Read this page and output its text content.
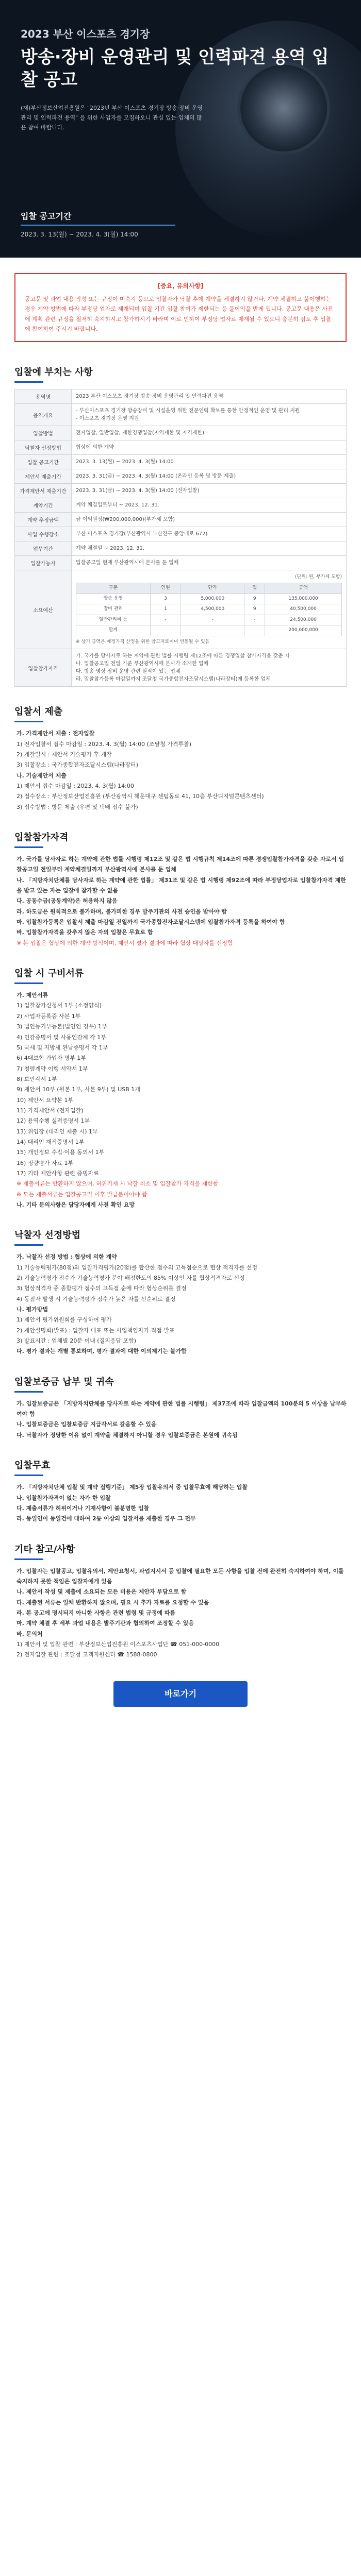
2023 부산 이스포츠 경기장
방송·장비 운영관리 및 인력파견 용역 입찰 공고
(재)부산정보산업진흥원은 "2023년 부산 이스포츠 경기장 방송·장비 운영관리 및 인력파견 용역" 을 위한 사업자를 모집하오니 관심 있는 업체의 많은 참여 바랍니다.
입찰 공고기간
2023. 3. 13(월) ~ 2023. 4. 3(월) 14:00
[중요, 유의사항]
공고문 및 과업 내용 작성 또는 규정이 미숙지 등으로 입찰자가 낙찰 후에 계약을 체결하지 않거나, 계약 체결하고 불이행하는 경우 계약 방법에 따라 부정당 업자로 제재되며 입찰 기간 입찰 참여가 제한되는 등 불이익을 받게 됩니다. 공고문 내용은 사전에 계획 관련 규정을 철저히 숙지하시고 참가하시기 바라며 이로 인하여 부정당 업자로 제재될 수 있으니 충분히 검토 후 입찰에 참여하여 주시기 바랍니다.
입찰에 부치는 사항
용역명	2023 부산 이스포츠 경기장 방송·장비 운영관리 및 인력파견 용역
용역개요	- 부산이스포츠 경기장 방송장비 및 시설운영 위한 전문인력 확보를 통한 안정적인 운영 및 관리 지원
- 이스포츠 경기장 운영 지원
입찰방법	전자입찰, 일반입찰, 제한경쟁입찰(지역제한 및 자격제한)
낙찰자 선정방법	협상에 의한 계약
입찰 공고기간	2023. 3. 13(월) ~ 2023. 4. 3(월) 14:00
제안서 제출기간	2023. 3. 31(금) ~ 2023. 4. 3(월) 14:00 (온라인 등록 및 방문 제출)
가격제안서 제출기간	2023. 3. 31(금) ~ 2023. 4. 3(월) 14:00 (전자입찰)
계약기간	계약 체결일로부터 ~ 2023. 12. 31.
계약 추정금액	금 이억원정(₩200,000,000)(부가세 포함)
사업 수행장소	부산 이스포츠 경기장(부산광역시 부산진구 중앙대로 672)
업무기간	계약 체결일 ~ 2023. 12. 31.
입찰가능자	입찰공고일 현재 부산광역시에 본사를 둔 업체
소요예산	
(단위: 원, 부가세 포함)
구분	인원	단가	월	금액
방송 운영	3	5,000,000	9	135,000,000
장비 관리	1	4,500,000	9	40,500,000
일반관리비 등	-	-	-	24,500,000
합계				200,000,000
※ 상기 금액은 예정가격 산정을 위한 참고자료이며 변동될 수 있음

입찰참가자격	가. 국가를 당사자로 하는 계약에 관한 법률 시행령 제12조에 따른 경쟁입찰 참가자격을 갖춘 자
나. 입찰공고일 전일 기준 부산광역시에 본사가 소재한 업체
다. 방송·영상 장비 운영 관련 실적이 있는 업체
라. 입찰참가등록 마감일까지 조달청 국가종합전자조달시스템(나라장터)에 등록한 업체
입찰서 제출
가. 가격제안서 제출 : 전자입찰
1) 전자입찰서 접수 마감일 : 2023. 4. 3(월) 14:00 (조달청 가격투찰)
2) 개찰일시 : 제안서 기술평가 후 개찰
3) 입찰장소 : 국가종합전자조달시스템(나라장터)
나. 기술제안서 제출
1) 제안서 접수 마감일 : 2023. 4. 3(월) 14:00
2) 접수장소 : 부산정보산업진흥원 (부산광역시 해운대구 센텀동로 41, 10층 부산디지털콘텐츠센터)
3) 접수방법 : 방문 제출 (우편 및 택배 접수 불가)
입찰참가자격
가. 국가를 당사자로 하는 계약에 관한 법률 시행령 제12조 및 같은 법 시행규칙 제14조에 따른 경쟁입찰참가자격을 갖춘 자로서 입찰공고일 전일부터 계약체결일까지 부산광역시에 본사를 둔 업체
나. 「지방자치단체를 당사자로 하는 계약에 관한 법률」 제31조 및 같은 법 시행령 제92조에 따라 부정당업자로 입찰참가자격 제한을 받고 있는 자는 입찰에 참가할 수 없음
다. 공동수급(공동계약)은 허용하지 않음
라. 하도급은 원칙적으로 불가하며, 불가피한 경우 발주기관의 사전 승인을 받아야 함
마. 입찰참가등록은 입찰서 제출 마감일 전일까지 국가종합전자조달시스템에 입찰참가자격 등록을 하여야 함
바. 입찰참가자격을 갖추지 않은 자의 입찰은 무효로 함
※ 본 입찰은 협상에 의한 계약 방식이며, 제안서 평가 결과에 따라 협상 대상자를 선정함
입찰 시 구비서류
가. 제안서류
1) 입찰참가신청서 1부 (소정양식)
2) 사업자등록증 사본 1부
3) 법인등기부등본(법인인 경우) 1부
4) 인감증명서 및 사용인감계 각 1부
5) 국세 및 지방세 완납증명서 각 1부
6) 4대보험 가입자 명부 1부
7) 청렴계약 이행 서약서 1부
8) 보안각서 1부
9) 제안서 10부 (원본 1부, 사본 9부) 및 USB 1개
10) 제안서 요약본 1부
11) 가격제안서 (전자입찰)
12) 용역수행 실적증명서 1부
13) 위임장 (대리인 제출 시) 1부
14) 대리인 재직증명서 1부
15) 개인정보 수집·이용 동의서 1부
16) 정량평가 자료 1부
17) 기타 제안사항 관련 증빙자료
※ 제출서류는 반환하지 않으며, 허위기재 시 낙찰 취소 및 입찰참가 자격을 제한함
※ 모든 제출서류는 입찰공고일 이후 발급분이어야 함
나. 기타 문의사항은 담당자에게 사전 확인 요망
낙찰자 선정방법
가. 낙찰자 선정 방법 : 협상에 의한 계약
1) 기술능력평가(80점)와 입찰가격평가(20점)를 합산한 점수의 고득점순으로 협상 적격자를 선정
2) 기술능력평가 점수가 기술능력평가 분야 배점한도의 85% 이상인 자를 협상적격자로 선정
3) 협상적격자 중 종합평가 점수의 고득점 순에 따라 협상순위를 결정
4) 동점자 발생 시 기술능력평가 점수가 높은 자를 선순위로 결정
나. 평가방법
1) 제안서 평가위원회를 구성하여 평가
2) 제안설명회(발표) : 입찰자 대표 또는 사업책임자가 직접 발표
3) 발표시간 : 업체별 20분 이내 (질의응답 포함)
다. 평가 결과는 개별 통보하며, 평가 결과에 대한 이의제기는 불가함
입찰보증금 납부 및 귀속
가. 입찰보증금은 「지방자치단체를 당사자로 하는 계약에 관한 법률 시행령」 제37조에 따라 입찰금액의 100분의 5 이상을 납부하여야 함
나. 입찰보증금은 입찰보증금 지급각서로 갈음할 수 있음
다. 낙찰자가 정당한 이유 없이 계약을 체결하지 아니할 경우 입찰보증금은 본원에 귀속됨
입찰무효
가. 「지방자치단체 입찰 및 계약 집행기준」 제5장 입찰유의서 중 입찰무효에 해당하는 입찰
나. 입찰참가자격이 없는 자가 한 입찰
다. 제출서류가 허위이거나 기재사항이 불분명한 입찰
라. 동일인이 동일건에 대하여 2통 이상의 입찰서를 제출한 경우 그 전부
기타 참고/사항
가. 입찰자는 입찰공고, 입찰유의서, 제안요청서, 과업지시서 등 입찰에 필요한 모든 사항을 입찰 전에 완전히 숙지하여야 하며, 이를 숙지하지 못한 책임은 입찰자에게 있음
나. 제안서 작성 및 제출에 소요되는 모든 비용은 제안자 부담으로 함
다. 제출된 서류는 일체 반환하지 않으며, 필요 시 추가 자료를 요청할 수 있음
라. 본 공고에 명시되지 아니한 사항은 관련 법령 및 규정에 따름
마. 계약 체결 후 세부 과업 내용은 발주기관과 협의하여 조정할 수 있음
바. 문의처
1) 제안서 및 입찰 관련 : 부산정보산업진흥원 이스포츠사업단 ☎ 051-000-0000
2) 전자입찰 관련 : 조달청 고객지원센터 ☎ 1588-0800
바로가기
